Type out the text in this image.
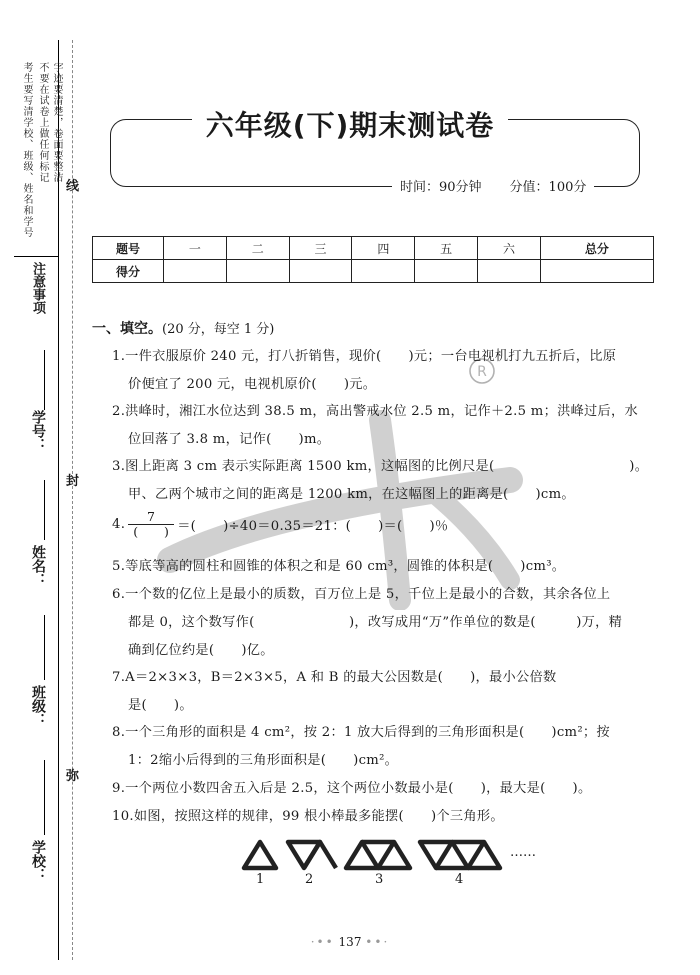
考生要写清学校、班级、姓名和学号 不要在试卷上做任何标记 字迹要清楚，卷面要整洁
注意事项
学号：
姓名：
班级：
学校：
线
封
弥
R
六年级(下)期末测试卷
时间：90分钟 分值：100分
题号	一	二	三	四	五	六	总分
得分							
一、填空。(20 分，每空 1 分)
1.一件衣服原价 240 元，打八折销售，现价(　　)元；一台电视机打九五折后，比原
价便宜了 200 元，电视机原价(　　)元。
2.洪峰时，湘江水位达到 38.5 m，高出警戒水位 2.5 m，记作＋2.5 m；洪峰过后，水
位回落了 3.8 m，记作(　　)m。
3.图上距离 3 cm 表示实际距离 1500 km，这幅图的比例尺是(　　　　　　　　　　)。
甲、乙两个城市之间的距离是 1200 km，在这幅图上的距离是(　　)cm。
4.
7
(　　) ＝(　　)÷40＝0.35＝21：(　　)＝(　　)％
5.等底等高的圆柱和圆锥的体积之和是 60 cm³，圆锥的体积是(　　)cm³。
6.一个数的亿位上是最小的质数，百万位上是 5，千位上是最小的合数，其余各位上
都是 0，这个数写作(　　　　　　　)，改写成用“万”作单位的数是(　　　)万，精
确到亿位约是(　　)亿。
7.A＝2×3×3，B＝2×3×5，A 和 B 的最大公因数是(　　)，最小公倍数
是(　　)。
8.一个三角形的面积是 4 cm²，按 2：1 放大后得到的三角形面积是(　　)cm²；按
1：2缩小后得到的三角形面积是(　　)cm²。
9.一个两位小数四舍五入后是 2.5，这个两位小数最小是(　　)，最大是(　　)。
10.如图，按照这样的规律，99 根小棒最多能摆(　　)个三角形。
1	2	3	4
……
·•• 137 ••·
